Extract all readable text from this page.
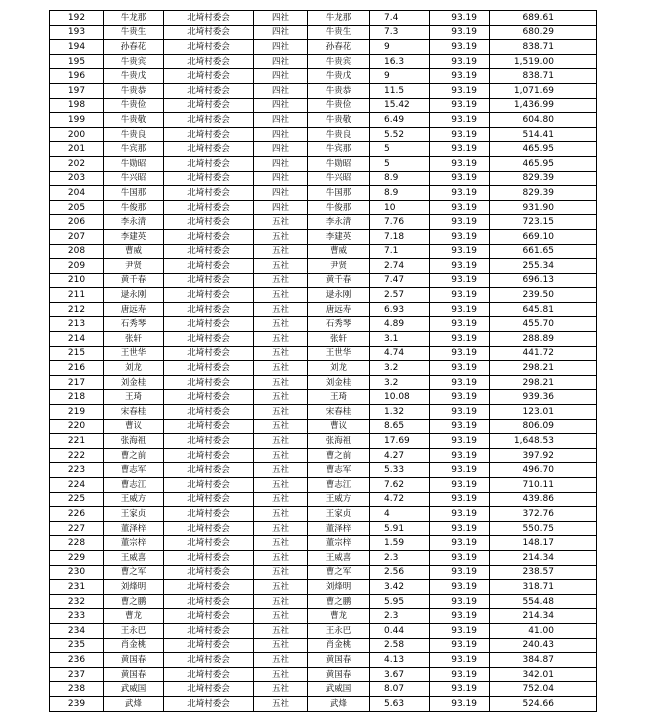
192	牛龙那	北埼村委会	四社	牛龙那	7.4	93.19	689.61
193	牛贵生	北埼村委会	四社	牛贵生	7.3	93.19	680.29
194	孙春花	北埼村委会	四社	孙春花	9	93.19	838.71
195	牛贵宾	北埼村委会	四社	牛贵宾	16.3	93.19	1,519.00
196	牛贵戊	北埼村委会	四社	牛贵戊	9	93.19	838.71
197	牛贵恭	北埼村委会	四社	牛贵恭	11.5	93.19	1,071.69
198	牛贵俭	北埼村委会	四社	牛贵俭	15.42	93.19	1,436.99
199	牛贵敬	北埼村委会	四社	牛贵敬	6.49	93.19	604.80
200	牛贵良	北埼村委会	四社	牛贵良	5.52	93.19	514.41
201	牛宾那	北埼村委会	四社	牛宾那	5	93.19	465.95
202	牛勋昭	北埼村委会	四社	牛勋昭	5	93.19	465.95
203	牛兴昭	北埼村委会	四社	牛兴昭	8.9	93.19	829.39
204	牛国那	北埼村委会	四社	牛国那	8.9	93.19	829.39
205	牛俊那	北埼村委会	四社	牛俊那	10	93.19	931.90
206	李永清	北埼村委会	五社	李永清	7.76	93.19	723.15
207	李建英	北埼村委会	五社	李建英	7.18	93.19	669.10
208	曹威	北埼村委会	五社	曹威	7.1	93.19	661.65
209	尹贤	北埼村委会	五社	尹贤	2.74	93.19	255.34
210	黄千春	北埼村委会	五社	黄千春	7.47	93.19	696.13
211	逯永刚	北埼村委会	五社	逯永刚	2.57	93.19	239.50
212	唐远寿	北埼村委会	五社	唐远寿	6.93	93.19	645.81
213	石秀琴	北埼村委会	五社	石秀琴	4.89	93.19	455.70
214	张轩	北埼村委会	五社	张轩	3.1	93.19	288.89
215	王世华	北埼村委会	五社	王世华	4.74	93.19	441.72
216	刘龙	北埼村委会	五社	刘龙	3.2	93.19	298.21
217	刘金桂	北埼村委会	五社	刘金桂	3.2	93.19	298.21
218	王琦	北埼村委会	五社	王琦	10.08	93.19	939.36
219	宋春桂	北埼村委会	五社	宋春桂	1.32	93.19	123.01
220	曹议	北埼村委会	五社	曹议	8.65	93.19	806.09
221	张海祖	北埼村委会	五社	张海祖	17.69	93.19	1,648.53
222	曹之前	北埼村委会	五社	曹之前	4.27	93.19	397.92
223	曹志军	北埼村委会	五社	曹志军	5.33	93.19	496.70
224	曹志江	北埼村委会	五社	曹志江	7.62	93.19	710.11
225	王威方	北埼村委会	五社	王威方	4.72	93.19	439.86
226	王家贞	北埼村委会	五社	王家贞	4	93.19	372.76
227	董泽梓	北埼村委会	五社	董泽梓	5.91	93.19	550.75
228	董宗梓	北埼村委会	五社	董宗梓	1.59	93.19	148.17
229	王威喜	北埼村委会	五社	王威喜	2.3	93.19	214.34
230	曹之军	北埼村委会	五社	曹之军	2.56	93.19	238.57
231	刘烽明	北埼村委会	五社	刘烽明	3.42	93.19	318.71
232	曹之鹏	北埼村委会	五社	曹之鹏	5.95	93.19	554.48
233	曹龙	北埼村委会	五社	曹龙	2.3	93.19	214.34
234	王永巴	北埼村委会	五社	王永巴	0.44	93.19	41.00
235	肖金桃	北埼村委会	五社	肖金桃	2.58	93.19	240.43
236	黄国春	北埼村委会	五社	黄国春	4.13	93.19	384.87
237	黄国春	北埼村委会	五社	黄国春	3.67	93.19	342.01
238	武威国	北埼村委会	五社	武威国	8.07	93.19	752.04
239	武烽	北埼村委会	五社	武烽	5.63	93.19	524.66
